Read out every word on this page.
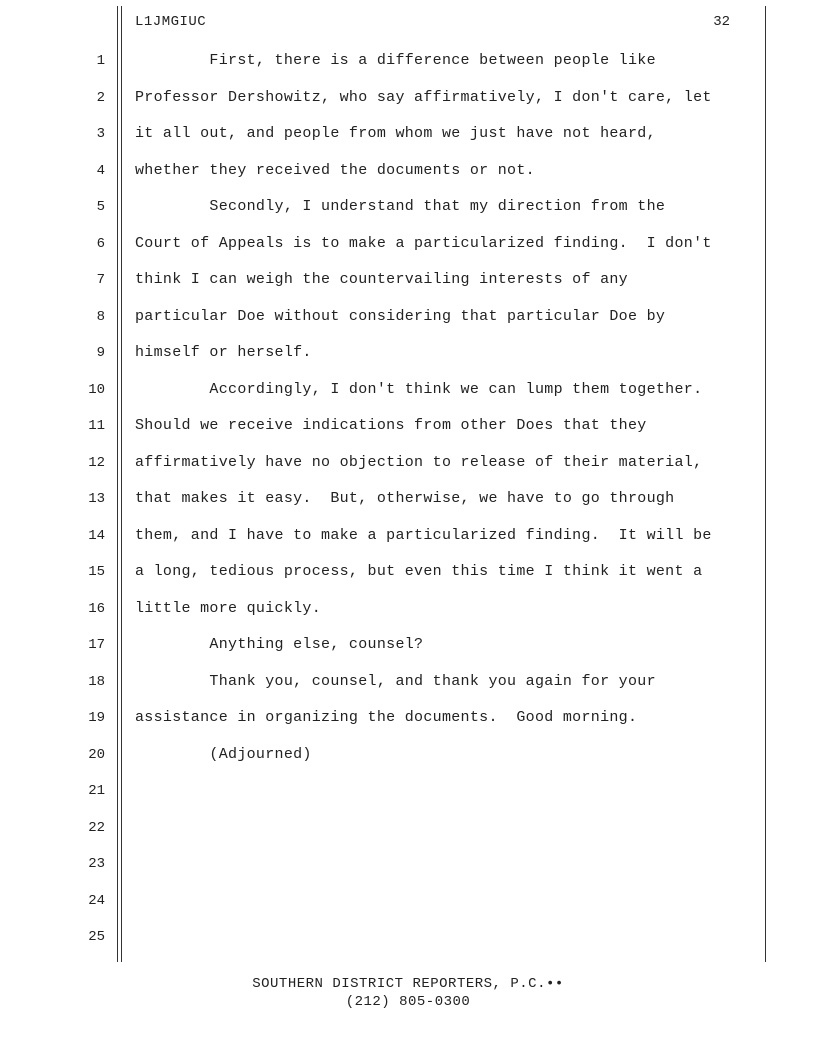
L1JMGIUC	32
1 First, there is a difference between people like
2 Professor Dershowitz, who say affirmatively, I don't care, let
3 it all out, and people from whom we just have not heard,
4 whether they received the documents or not.
5 Secondly, I understand that my direction from the
6 Court of Appeals is to make a particularized finding.  I don't
7 think I can weigh the countervailing interests of any
8 particular Doe without considering that particular Doe by
9 himself or herself.
10 Accordingly, I don't think we can lump them together.
11 Should we receive indications from other Does that they
12 affirmatively have no objection to release of their material,
13 that makes it easy.  But, otherwise, we have to go through
14 them, and I have to make a particularized finding.  It will be
15 a long, tedious process, but even this time I think it went a
16 little more quickly.
17 Anything else, counsel?
18 Thank you, counsel, and thank you again for your
19 assistance in organizing the documents.  Good morning.
20 (Adjourned)
21
22
23
24
25
SOUTHERN DISTRICT REPORTERS, P.C.••
(212) 805-0300
